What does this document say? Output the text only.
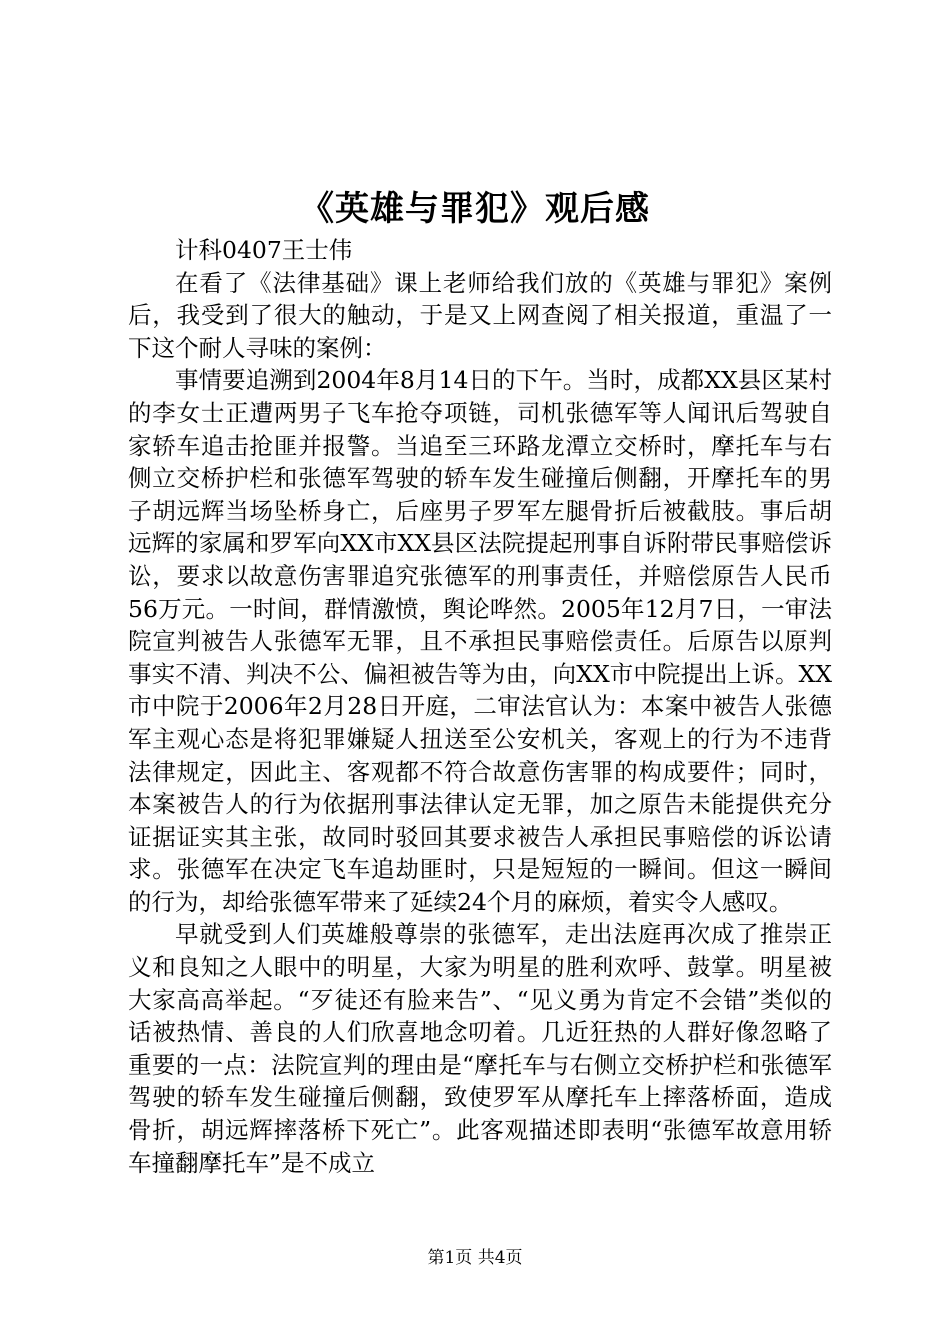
《英雄与罪犯》观后感

计科0407王士伟

在看了《法律基础》课上老师给我们放的《英雄与罪犯》案例后，我受到了很大的触动，于是又上网查阅了相关报道，重温了一下这个耐人寻味的案例：

事情要追溯到2004年8月14日的下午。当时，成都XX县区某村的李女士正遭两男子飞车抢夺项链，司机张德军等人闻讯后驾驶自家轿车追击抢匪并报警。当追至三环路龙潭立交桥时，摩托车与右侧立交桥护栏和张德军驾驶的轿车发生碰撞后侧翻，开摩托车的男子胡远辉当场坠桥身亡，后座男子罗军左腿骨折后被截肢。事后胡远辉的家属和罗军向XX市XX县区法院提起刑事自诉附带民事赔偿诉讼，要求以故意伤害罪追究张德军的刑事责任，并赔偿原告人民币56万元。一时间，群情激愤，舆论哗然。2005年12月7日，一审法院宣判被告人张德军无罪，且不承担民事赔偿责任。后原告以原判事实不清、判决不公、偏袒被告等为由，向XX市中院提出上诉。XX市中院于2006年2月28日开庭，二审法官认为：本案中被告人张德军主观心态是将犯罪嫌疑人扭送至公安机关，客观上的行为不违背法律规定，因此主、客观都不符合故意伤害罪的构成要件；同时，本案被告人的行为依据刑事法律认定无罪，加之原告未能提供充分证据证实其主张，故同时驳回其要求被告人承担民事赔偿的诉讼请求。张德军在决定飞车追劫匪时，只是短短的一瞬间。但这一瞬间的行为，却给张德军带来了延续24个月的麻烦，着实令人感叹。

早就受到人们英雄般尊崇的张德军，走出法庭再次成了推崇正义和良知之人眼中的明星，大家为明星的胜利欢呼、鼓掌。明星被大家高高举起。“歹徒还有脸来告”、“见义勇为肯定不会错”类似的话被热情、善良的人们欣喜地念叨着。几近狂热的人群好像忽略了重要的一点：法院宣判的理由是“摩托车与右侧立交桥护栏和张德军驾驶的轿车发生碰撞后侧翻，致使罗军从摩托车上摔落桥面，造成骨折，胡远辉摔落桥下死亡”。此客观描述即表明“张德军故意用轿车撞翻摩托车”是不成立

第1页 共4页
